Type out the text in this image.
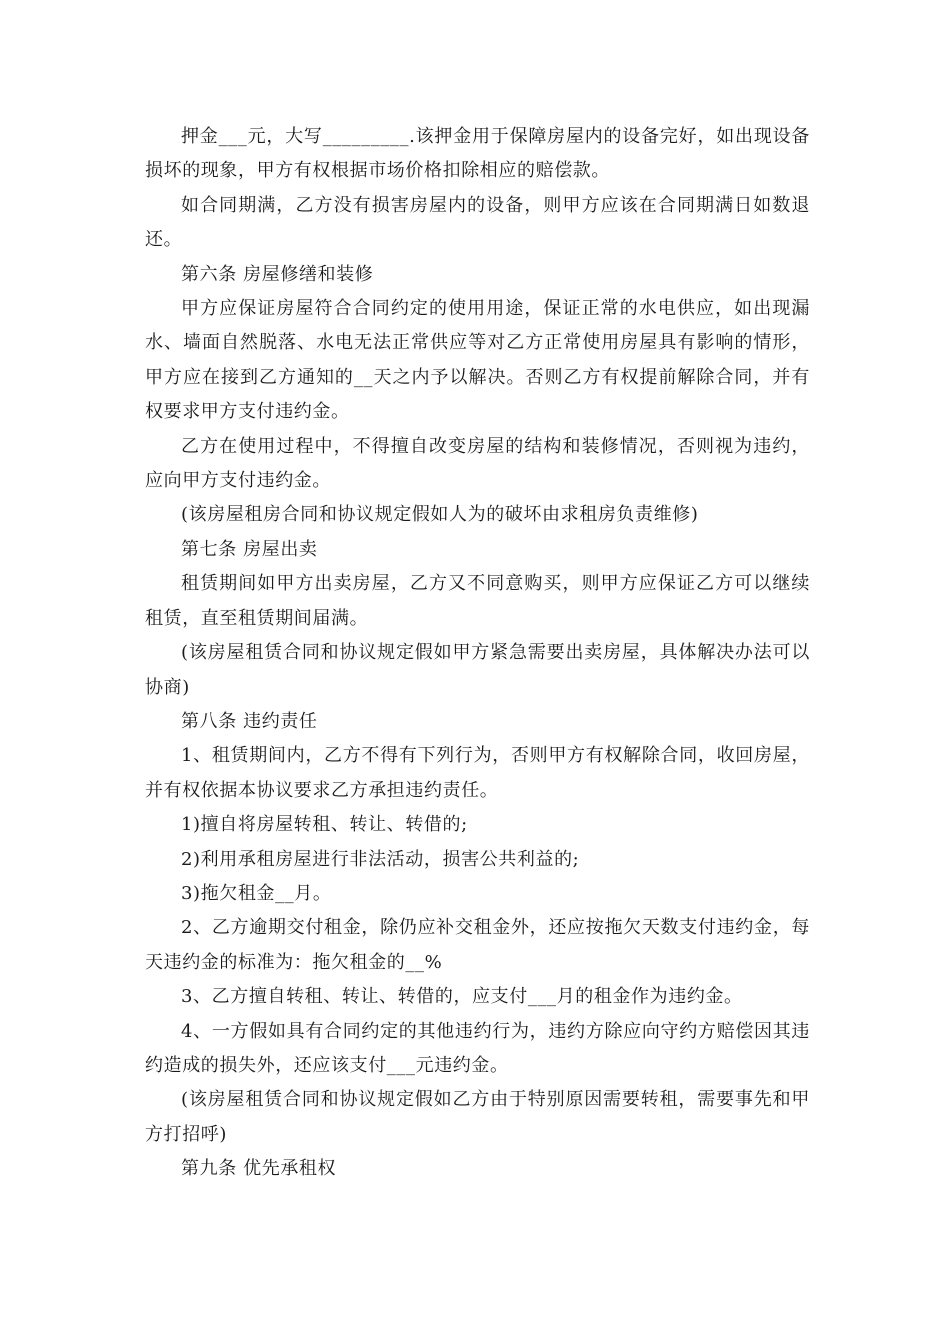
押金___元，大写_________.该押金用于保障房屋内的设备完好，如出现设备损坏的现象，甲方有权根据市场价格扣除相应的赔偿款。

如合同期满，乙方没有损害房屋内的设备，则甲方应该在合同期满日如数退还。

第六条 房屋修缮和装修

甲方应保证房屋符合合同约定的使用用途，保证正常的水电供应，如出现漏水、墙面自然脱落、水电无法正常供应等对乙方正常使用房屋具有影响的情形，甲方应在接到乙方通知的__天之内予以解决。否则乙方有权提前解除合同，并有权要求甲方支付违约金。

乙方在使用过程中，不得擅自改变房屋的结构和装修情况，否则视为违约，应向甲方支付违约金。

(该房屋租房合同和协议规定假如人为的破坏由求租房负责维修)

第七条 房屋出卖

租赁期间如甲方出卖房屋，乙方又不同意购买，则甲方应保证乙方可以继续租赁，直至租赁期间届满。

(该房屋租赁合同和协议规定假如甲方紧急需要出卖房屋，具体解决办法可以协商)

第八条 违约责任

1、租赁期间内，乙方不得有下列行为，否则甲方有权解除合同，收回房屋，并有权依据本协议要求乙方承担违约责任。

1)擅自将房屋转租、转让、转借的;

2)利用承租房屋进行非法活动，损害公共利益的;

3)拖欠租金__月。

2、乙方逾期交付租金，除仍应补交租金外，还应按拖欠天数支付违约金，每天违约金的标准为：拖欠租金的__%

3、乙方擅自转租、转让、转借的，应支付___月的租金作为违约金。

4、一方假如具有合同约定的其他违约行为，违约方除应向守约方赔偿因其违约造成的损失外，还应该支付___元违约金。

(该房屋租赁合同和协议规定假如乙方由于特别原因需要转租，需要事先和甲方打招呼)

第九条 优先承租权
